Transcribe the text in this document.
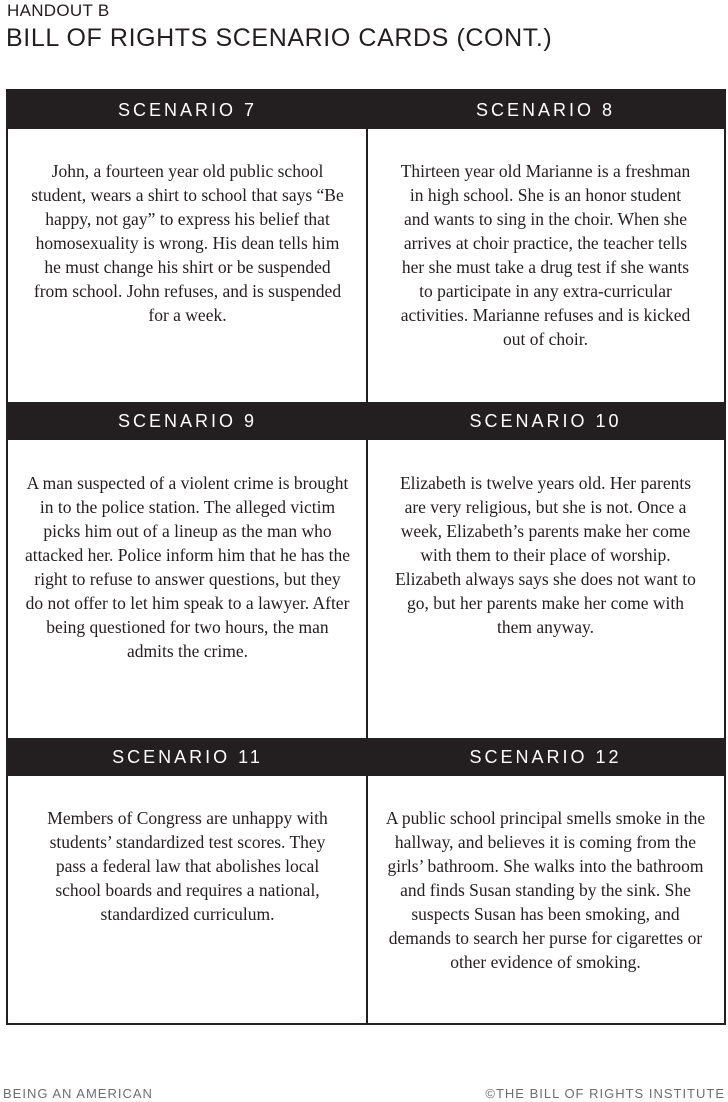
HANDOUT B
BILL OF RIGHTS SCENARIO CARDS (CONT.)
SCENARIO 7

John, a fourteen year old public school student, wears a shirt to school that says “Be happy, not gay” to express his belief that homosexuality is wrong. His dean tells him he must change his shirt or be suspended from school. John refuses, and is suspended for a week.

SCENARIO 8

Thirteen year old Marianne is a freshman in high school. She is an honor student and wants to sing in the choir. When she arrives at choir practice, the teacher tells her she must take a drug test if she wants to participate in any extra-curricular activities. Marianne refuses and is kicked out of choir.

SCENARIO 9

A man suspected of a violent crime is brought in to the police station. The alleged victim picks him out of a lineup as the man who attacked her. Police inform him that he has the right to refuse to answer questions, but they do not offer to let him speak to a lawyer. After being questioned for two hours, the man admits the crime.

SCENARIO 10

Elizabeth is twelve years old. Her parents are very religious, but she is not. Once a week, Elizabeth’s parents make her come with them to their place of worship. Elizabeth always says she does not want to go, but her parents make her come with them anyway.

SCENARIO 11

Members of Congress are unhappy with students’ standardized test scores. They pass a federal law that abolishes local school boards and requires a national, standardized curriculum.

SCENARIO 12

A public school principal smells smoke in the hallway, and believes it is coming from the girls’ bathroom. She walks into the bathroom and finds Susan standing by the sink. She suspects Susan has been smoking, and demands to search her purse for cigarettes or other evidence of smoking.

BEING AN AMERICAN	©THE BILL OF RIGHTS INSTITUTE
